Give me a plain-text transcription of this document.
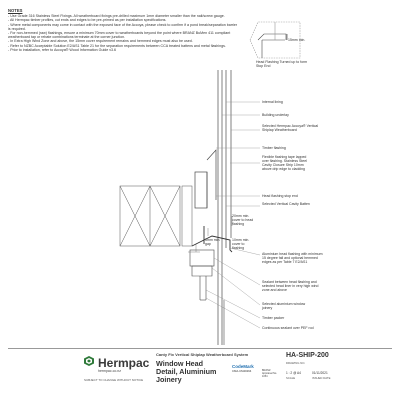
NOTES

- Use Grade 316 Stainless Steel Fixings. All weatherboard fixings pre-drilled maximum 1mm diameter smaller than the nail/screw gauge.

- All Hermpac timber profiles, cut ends and edges to be pre-primed as per installation specifications.

- Where metal components may come in contact with the exposed face of the Accoya, please check to confirm if a pond break/separation barrier is required.

- For non-hemmed (raw) flashings, ensure a minimum 70mm cover to weatherboards beyond the point where BRANZ BuMen 411 compliant weatherboard tap or rebate combinations terminate at the corner junction.

- In Extra High Wind Zone and above, the 15mm cover requirement remains and hemmed edges must also be used.

- Refer to NZBC Acceptable Solution E2/AS1 Table 21 for the separation requirements between CCA treated battens and metal flashings.

- Prior to installation, refer to Accoya® Wood Information Guide v3.6

15mm min.
Head Flashing Turned up to form Stop End
Internal lining
Building underlay
Selected Hermpac Accoya® Vertical Shiplap Weatherboard
Timber flashing
Flexible flashing tape lapped over flashing. Stainless Steel Cavity Closure Strip 10mm above drip edge to cladding
Head flashing stop end
Selected Vertical Cavity Batten
Aluminium head flashing with minimum 15 degree fall and optional hemmed edges as per Table 7 E2/AS1
Sealant between head flashing and selected head liner in very high wind zone and above
Selected aluminium window joinery
Timber packer
Continuous sealant over PEF rod
20mm min. cover to head flashing
10mm min. cover to flashing
5mm min. gap
Hermpac
hermpac.co.nz
SUBJECT TO CHANGE WITHOUT NOTICE
Canty Fix Vertical Shiplap Weatherboard System
Window Head
Detail, Aluminium
Joinery
CodeMark
CMA-CM40294	BRANZ Appraisal No. 1054
HA-SHIP-200
DRAWING NO.
1 : 2 @ A4
SCALE
01/11/2021
ISSUED DATE
